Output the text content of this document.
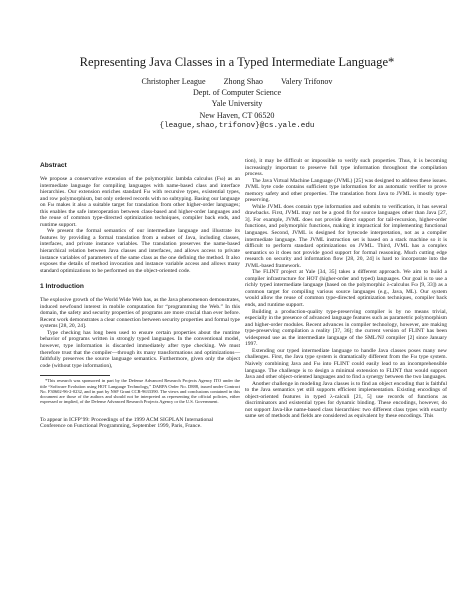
Representing Java Classes in a Typed Intermediate Language*
Christopher League Zhong Shao Valery Trifonov
Dept. of Computer Science
Yale University
New Haven, CT 06520
{league,shao,trifonov}@cs.yale.edu
Abstract

We propose a conservative extension of the polymorphic lambda calculus (Fω) as an intermediate language for compiling languages with name-based class and interface hierarchies. Our extension enriches standard Fω with recursive types, existential types, and row polymorphism, but only ordered records with no subtyping. Basing our language on Fω makes it also a suitable target for translation from other higher-order languages; this enables the safe interoperation between class-based and higher-order languages and the reuse of common type-directed optimization techniques, compiler back ends, and runtime support.

We present the formal semantics of our intermediate language and illustrate its features by providing a formal translation from a subset of Java, including classes, interfaces, and private instance variables. The translation preserves the name-based hierarchical relation between Java classes and interfaces, and allows access to private instance variables of parameters of the same class as the one defining the method. It also exposes the details of method invocation and instance variable access and allows many standard optimizations to be performed on the object-oriented code.

1 Introduction

The explosive growth of the World Wide Web has, as the Java phenomenon demonstrates, induced newfound interest in mobile computation for “programming the Web.” In this domain, the safety and security properties of programs are more crucial than ever before. Recent work demonstrates a clear connection between security properties and formal type systems [28, 20, 24].

Type checking has long been used to ensure certain properties about the runtime behavior of programs written in strongly typed languages. In the conventional model, however, type information is discarded immediately after type checking. We must therefore trust that the compiler—through its many transformations and optimizations—faithfully preserves the source language semantics. Furthermore, given only the object code (without type information),

*This research was sponsored in part by the Defense Advanced Research Projects Agency ITO under the title “Software Evolution using HOT Language Technology,” DARPA Order No. D888, issued under Contract No. F30602-96-2-0232, and in part by NSF Grant CCR-9633390. The views and conclusions contained in this document are those of the authors and should not be interpreted as representing the official policies, either expressed or implied, of the Defense Advanced Research Projects Agency or the U.S. Government.

To appear in ICFP’99: Proceedings of the 1999 ACM SIGPLAN International Conference on Functional Programming, September 1999, Paris, France.

tion), it may be difficult or impossible to verify such properties. Thus, it is becoming increasingly important to preserve full type information throughout the compilation process.

The Java Virtual Machine Language (JVML) [25] was designed to address these issues. JVML byte code contains sufficient type information for an automatic verifier to prove memory safety and other properties. The translation from Java to JVML is mostly type-preserving.

While JVML does contain type information and submits to verification, it has several drawbacks. First, JVML may not be a good fit for source languages other than Java [27, 3]. For example, JVML does not provide direct support for tail-recursion, higher-order functions, and polymorphic functions, making it impractical for implementing functional languages. Second, JVML is designed for bytecode interpretation, not as a compiler intermediate language. The JVML instruction set is based on a stack machine so it is difficult to perform standard optimizations on JVML. Third, JVML has a complex semantics so it does not provide good support for formal reasoning. Much cutting edge research on security and information flow [28, 20, 24] is hard to incorporate into the JVML-based framework.

The FLINT project at Yale [34, 35] takes a different approach. We aim to build a compiler infrastructure for HOT (higher-order and typed) languages. Our goal is to use a richly typed intermediate language (based on the polymorphic λ-calculus Fω [9, 33]) as a common target for compiling various source languages (e.g., Java, ML). Our system would allow the reuse of common type-directed optimization techniques, compiler back ends, and runtime support.

Building a production-quality type-preserving compiler is by no means trivial, especially in the presence of advanced language features such as parametric polymorphism and higher-order modules. Recent advances in compiler technology, however, are making type-preserving compilation a reality [37, 36]; the current version of FLINT has been widespread use as the intermediate language of the SML/NJ compiler [2] since January 1997.

Extending our typed intermediate language to handle Java classes poses many new challenges. First, the Java type system is dramatically different from the Fω type system. Naively combining Java and Fω into FLINT could easily lead to an incomprehensible language. The challenge is to design a minimal extension to FLINT that would support Java and other object-oriented languages and to find a synergy between the two languages.

Another challenge in modeling Java classes is to find an object encoding that is faithful to the Java semantics yet still supports efficient implementation. Existing encodings of object-oriented features in typed λ-calculi [21, 5] use records of functions as discriminators and existential types for dynamic binding. These encodings, however, do not support Java-like name-based class hierarchies: two different class types with exactly same set of methods and fields are considered as equivalent by these encodings. This
